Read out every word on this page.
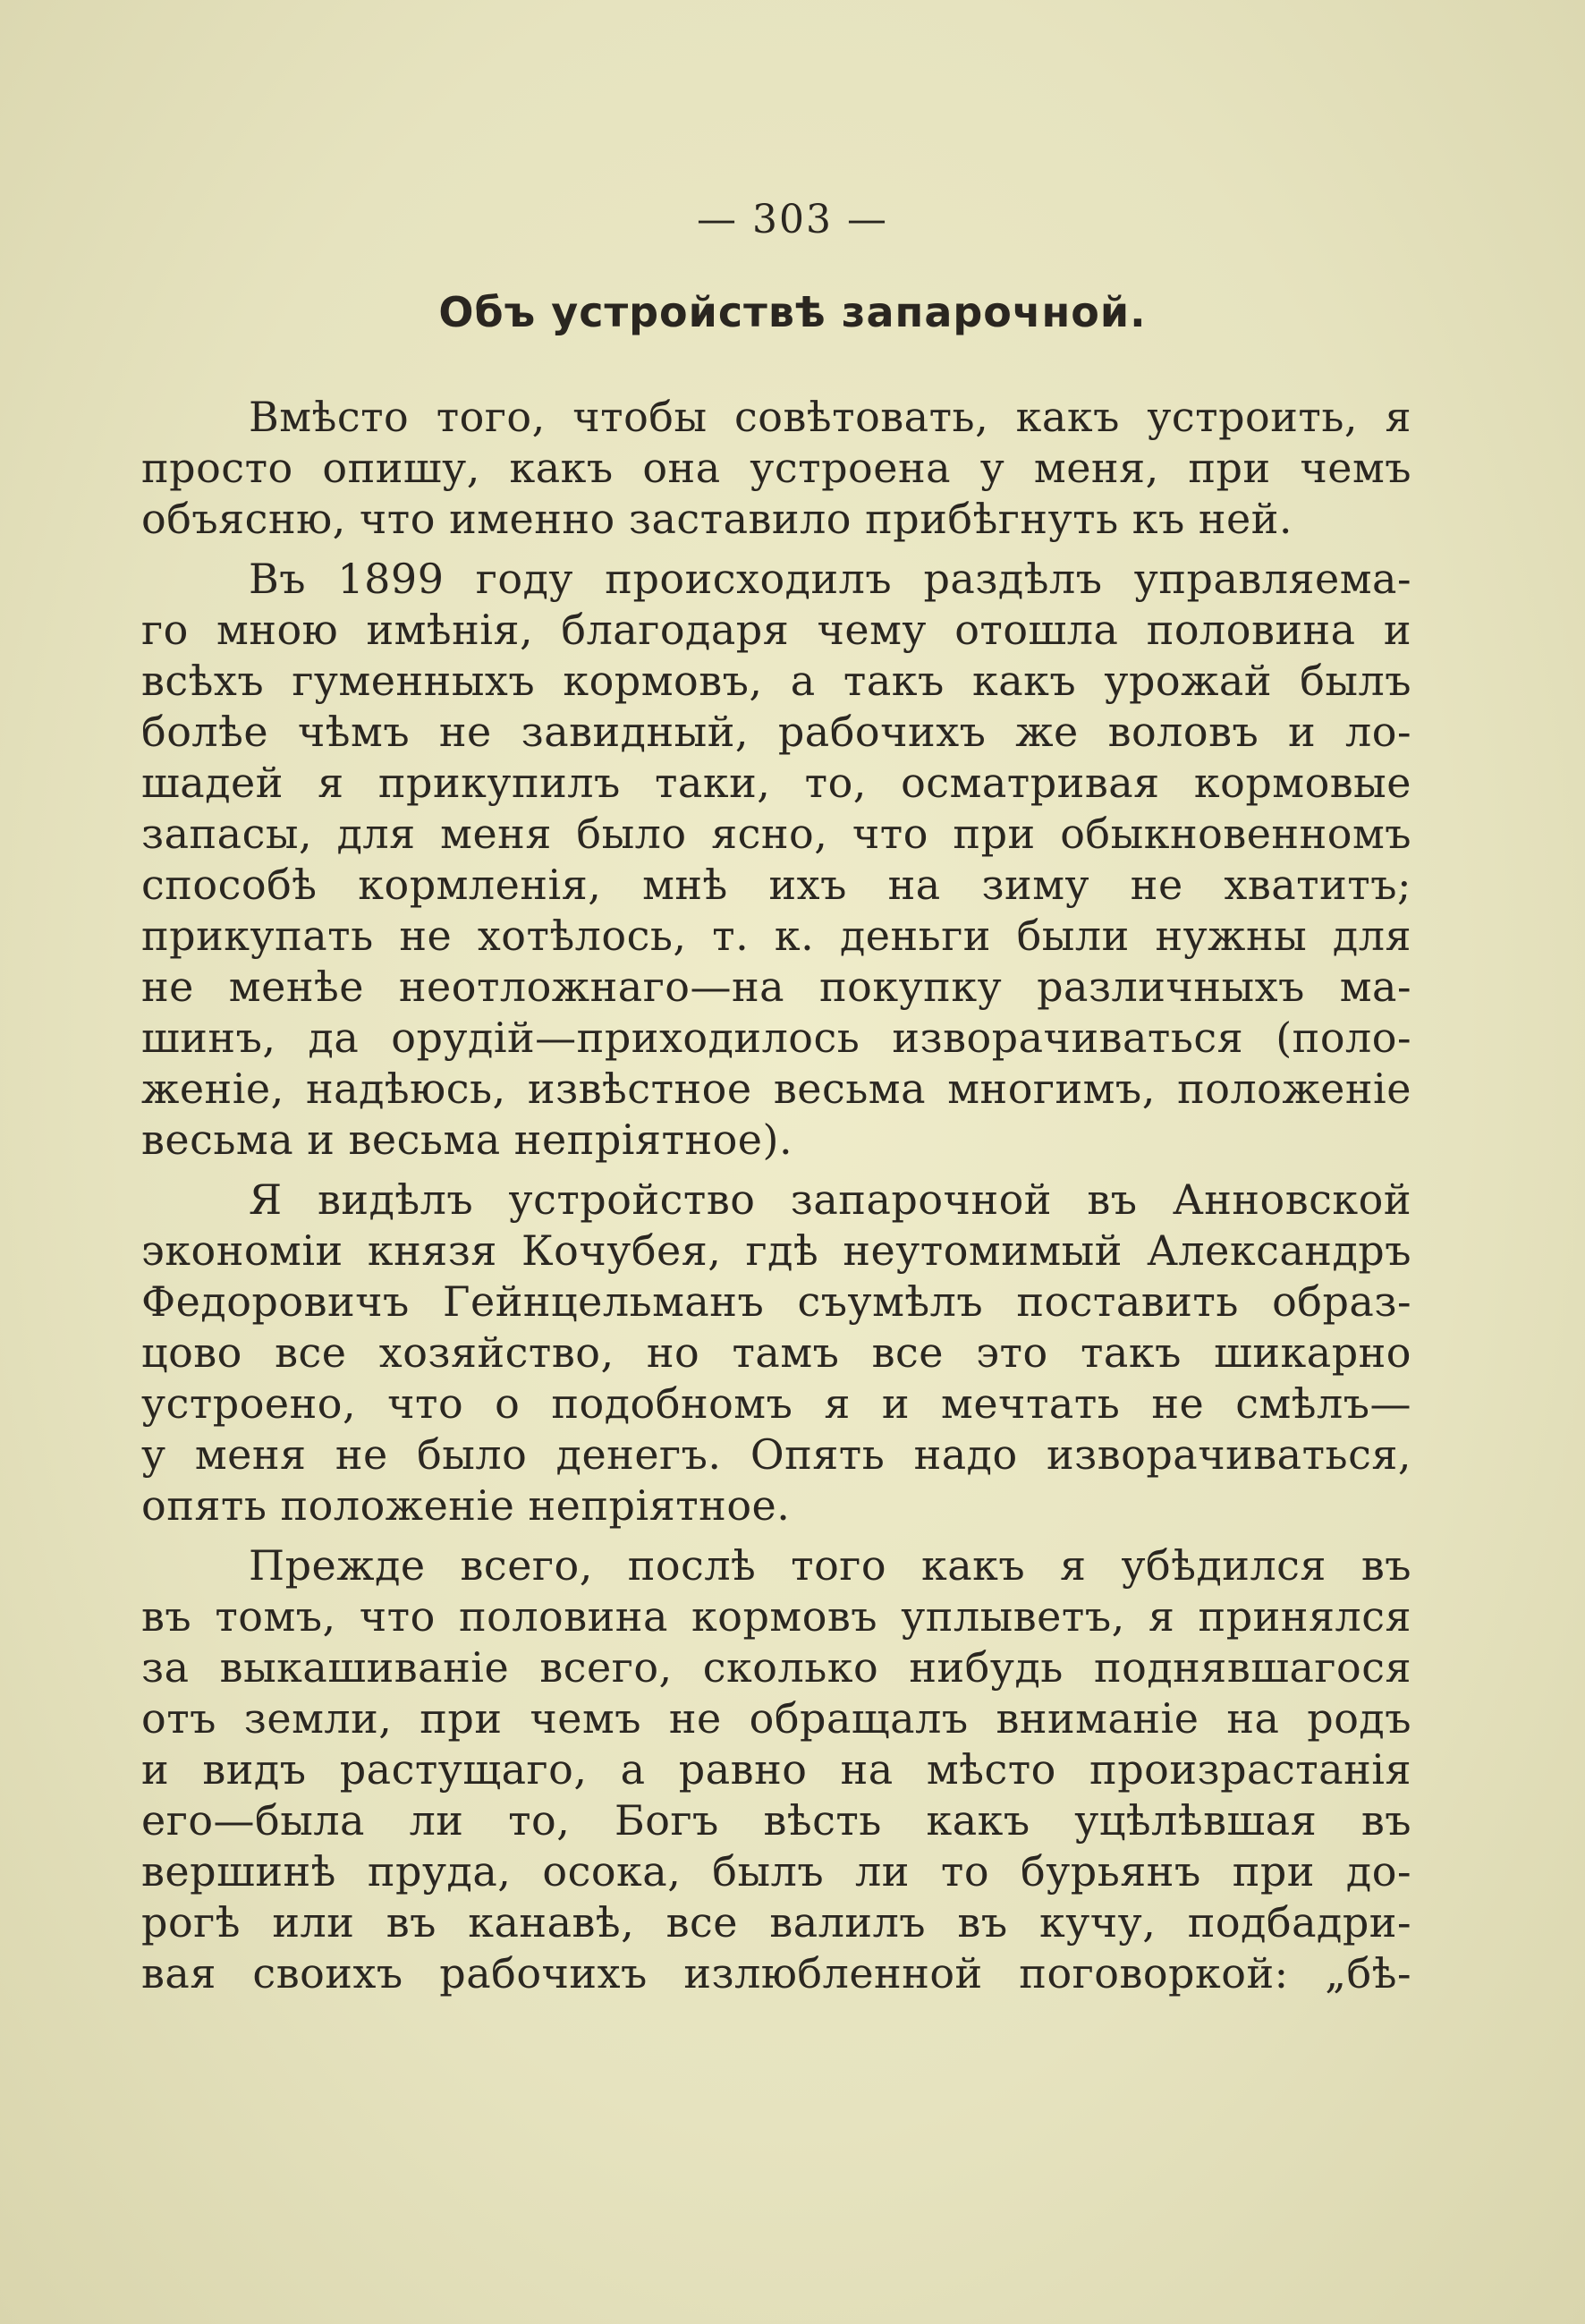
— 303 —
Объ устройствѣ запарочной.
Вмѣсто того, чтобы совѣтовать, какъ устроить, я
просто опишу, какъ она устроена у меня, при чемъ
объясню, что именно заставило прибѣгнуть къ ней.
Въ 1899 году происходилъ раздѣлъ управляема-
го мною имѣнія, благодаря чему отошла половина и
всѣхъ гуменныхъ кормовъ, а такъ какъ урожай былъ
болѣе чѣмъ не завидный, рабочихъ же воловъ и ло-
шадей я прикупилъ таки, то, осматривая кормовые
запасы, для меня было ясно, что при обыкновенномъ
способѣ кормленія, мнѣ ихъ на зиму не хватитъ;
прикупать не хотѣлось, т. к. деньги были нужны для
не менѣе неотложнаго—на покупку различныхъ ма-
шинъ, да орудій—приходилось изворачиваться (поло-
женіе, надѣюсь, извѣстное весьма многимъ, положеніе
весьма и весьма непріятное).
Я видѣлъ устройство запарочной въ Анновской
экономіи князя Кочубея, гдѣ неутомимый Александръ
Федоровичъ Гейнцельманъ съумѣлъ поставить образ-
цово все хозяйство, но тамъ все это такъ шикарно
устроено, что о подобномъ я и мечтать не смѣлъ—
у меня не было денегъ. Опять надо изворачиваться,
опять положеніе непріятное.
Прежде всего, послѣ того какъ я убѣдился въ
въ томъ, что половина кормовъ уплыветъ, я принялся
за выкашиваніе всего, сколько нибудь поднявшагося
отъ земли, при чемъ не обращалъ вниманіе на родъ
и видъ растущаго, а равно на мѣсто произрастанія
его—была ли то, Богъ вѣсть какъ уцѣлѣвшая въ
вершинѣ пруда, осока, былъ ли то бурьянъ при до-
рогѣ или въ канавѣ, все валилъ въ кучу, подбадри-
вая своихъ рабочихъ излюбленной поговоркой: „бѣ-
